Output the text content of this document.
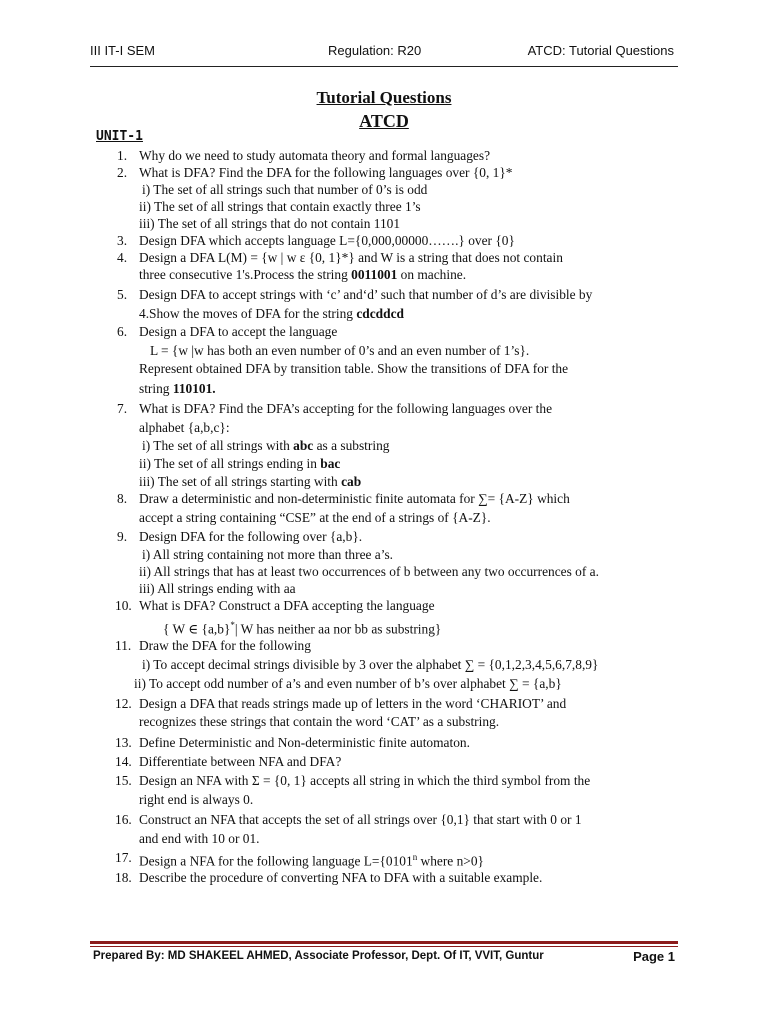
III IT-I SEM	Regulation: R20	ATCD: Tutorial Questions
Tutorial Questions
ATCD
UNIT-1
1. Why do we need to study automata theory and formal languages?
2. What is DFA? Find the DFA for the following languages over {0, 1}*
i) The set of all strings such that number of 0’s is odd
ii) The set of all strings that contain exactly three 1’s
iii) The set of all strings that do not contain 1101
3. Design DFA which accepts language L={0,000,00000…….} over {0}
4. Design a DFA L(M) = {w | w ε {0, 1}*} and W is a string that does not contain
three consecutive 1's.Process the string 0011001 on machine.
5. Design DFA to accept strings with ‘c’ and‘d’ such that number of d’s are divisible by
4.Show the moves of DFA for the string cdcddcd
6. Design a DFA to accept the language
L = {w |w has both an even number of 0’s and an even number of 1’s}.
Represent obtained DFA by transition table. Show the transitions of DFA for the
string 110101.
7. What is DFA? Find the DFA’s accepting for the following languages over the
alphabet {a,b,c}:
i) The set of all strings with abc as a substring
ii) The set of all strings ending in bac
iii) The set of all strings starting with cab
8. Draw a deterministic and non-deterministic finite automata for ∑= {A-Z} which
accept a string containing “CSE” at the end of a strings of {A-Z}.
9. Design DFA for the following over {a,b}.
i) All string containing not more than three a’s.
ii) All strings that has at least two occurrences of b between any two occurrences of a.
iii) All strings ending with aa
10. What is DFA? Construct a DFA accepting the language
{ W ∈ {a,b}*| W has neither aa nor bb as substring}
11. Draw the DFA for the following
i) To accept decimal strings divisible by 3 over the alphabet ∑ = {0,1,2,3,4,5,6,7,8,9}
ii) To accept odd number of a’s and even number of b’s over alphabet ∑ = {a,b}
12. Design a DFA that reads strings made up of letters in the word ‘CHARIOT’ and
recognizes these strings that contain the word ‘CAT’ as a substring.
13. Define Deterministic and Non-deterministic finite automaton.
14. Differentiate between NFA and DFA?
15. Design an NFA with Σ = {0, 1} accepts all string in which the third symbol from the
right end is always 0.
16. Construct an NFA that accepts the set of all strings over {0,1} that start with 0 or 1
and end with 10 or 01.
17. Design a NFA for the following language $L=\{0101^n$ where n>0}
18. Describe the procedure of converting NFA to DFA with a suitable example.
Prepared By: MD SHAKEEL AHMED, Associate Professor, Dept. Of IT, VVIT, Guntur	Page 1
